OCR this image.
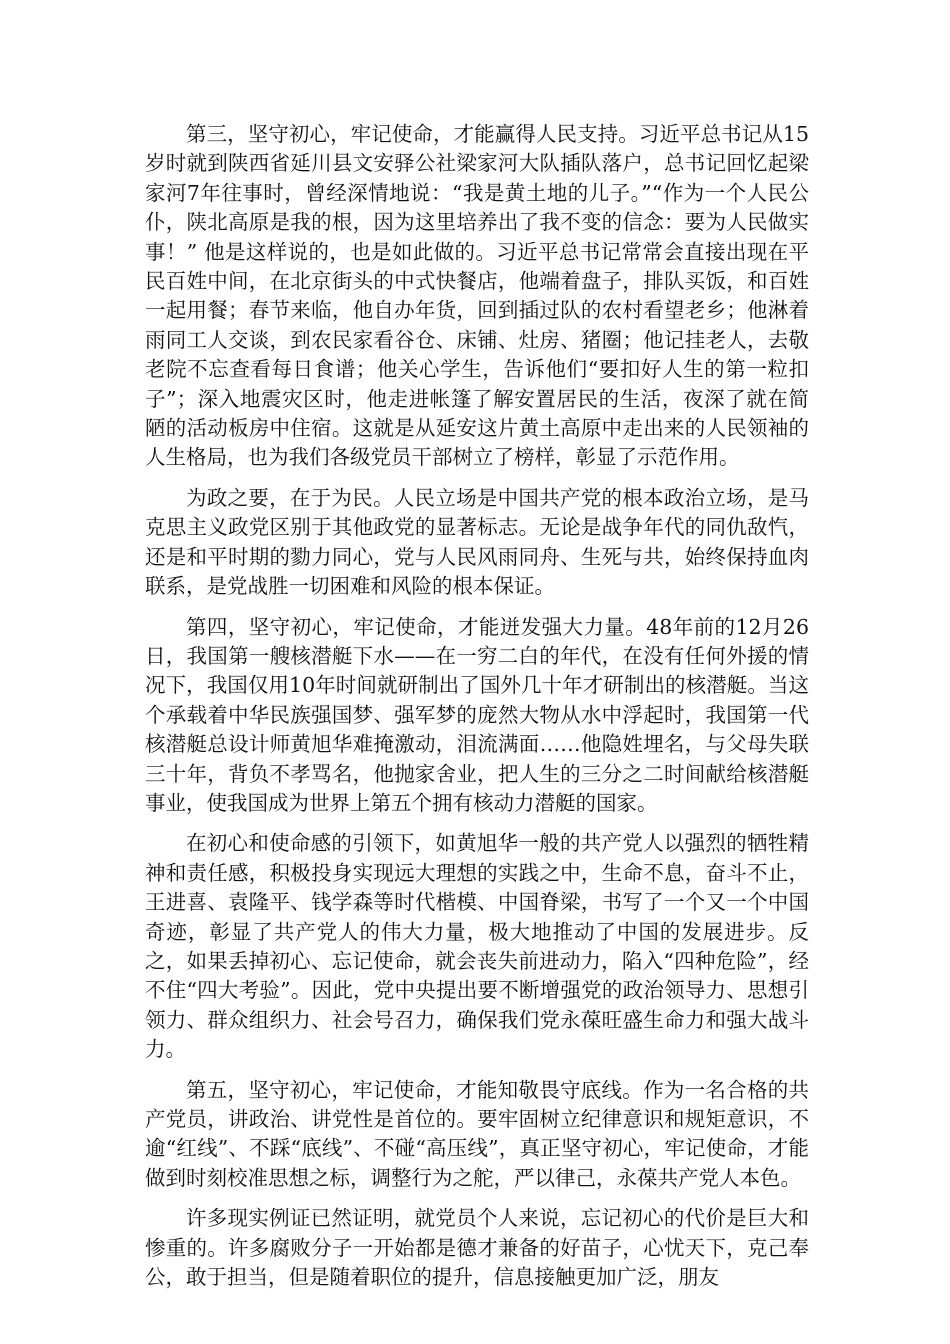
第三，坚守初心，牢记使命，才能赢得人民支持。习近平总书记从15岁时就到陕西省延川县文安驿公社梁家河大队插队落户，总书记回忆起梁家河7年往事时，曾经深情地说：“我是黄土地的儿子。”“作为一个人民公仆，陕北高原是我的根，因为这里培养出了我不变的信念：要为人民做实事！” 他是这样说的，也是如此做的。习近平总书记常常会直接出现在平民百姓中间，在北京街头的中式快餐店，他端着盘子，排队买饭，和百姓一起用餐；春节来临，他自办年货，回到插过队的农村看望老乡；他淋着雨同工人交谈，到农民家看谷仓、床铺、灶房、猪圈；他记挂老人，去敬老院不忘查看每日食谱；他关心学生，告诉他们“要扣好人生的第一粒扣子”；深入地震灾区时，他走进帐篷了解安置居民的生活，夜深了就在简陋的活动板房中住宿。这就是从延安这片黄土高原中走出来的人民领袖的人生格局，也为我们各级党员干部树立了榜样，彰显了示范作用。

为政之要，在于为民。人民立场是中国共产党的根本政治立场，是马克思主义政党区别于其他政党的显著标志。无论是战争年代的同仇敌忾，还是和平时期的勠力同心，党与人民风雨同舟、生死与共，始终保持血肉联系，是党战胜一切困难和风险的根本保证。

第四，坚守初心，牢记使命，才能迸发强大力量。48年前的12月26日，我国第一艘核潜艇下水——在一穷二白的年代，在没有任何外援的情况下，我国仅用10年时间就研制出了国外几十年才研制出的核潜艇。当这个承载着中华民族强国梦、强军梦的庞然大物从水中浮起时，我国第一代核潜艇总设计师黄旭华难掩激动，泪流满面……他隐姓埋名，与父母失联三十年，背负不孝骂名，他抛家舍业，把人生的三分之二时间献给核潜艇事业，使我国成为世界上第五个拥有核动力潜艇的国家。

在初心和使命感的引领下，如黄旭华一般的共产党人以强烈的牺牲精神和责任感，积极投身实现远大理想的实践之中，生命不息，奋斗不止，王进喜、袁隆平、钱学森等时代楷模、中国脊梁，书写了一个又一个中国奇迹，彰显了共产党人的伟大力量，极大地推动了中国的发展进步。反之，如果丢掉初心、忘记使命，就会丧失前进动力，陷入“四种危险”，经不住“四大考验”。因此，党中央提出要不断增强党的政治领导力、思想引领力、群众组织力、社会号召力，确保我们党永葆旺盛生命力和强大战斗力。

第五，坚守初心，牢记使命，才能知敬畏守底线。作为一名合格的共产党员，讲政治、讲党性是首位的。要牢固树立纪律意识和规矩意识，不逾“红线”、不踩“底线”、不碰“高压线”，真正坚守初心，牢记使命，才能做到时刻校准思想之标，调整行为之舵，严以律己，永葆共产党人本色。

许多现实例证已然证明，就党员个人来说，忘记初心的代价是巨大和惨重的。许多腐败分子一开始都是德才兼备的好苗子，心忧天下，克己奉公，敢于担当，但是随着职位的提升，信息接触更加广泛，朋友
